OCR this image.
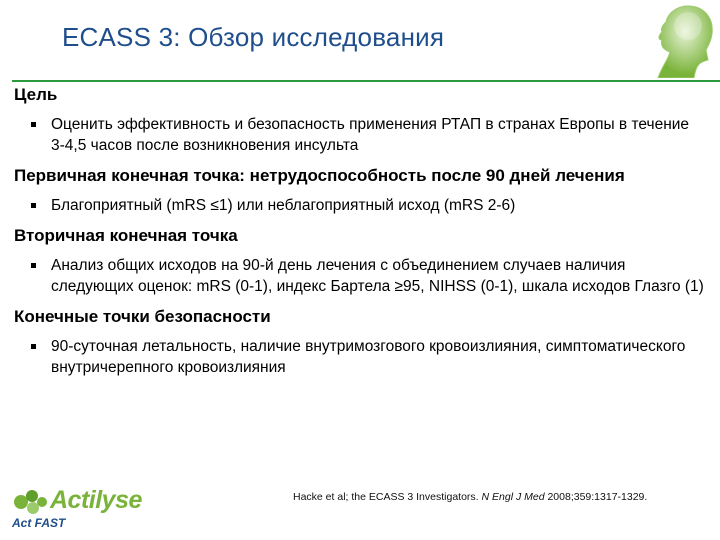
ECASS 3: Обзор исследования
Цель
Оценить эффективность и безопасность применения РТАП в странах Европы в течение 3-4,5 часов после возникновения инсульта
Первичная конечная точка: нетрудоспособность после 90 дней лечения
Благоприятный (mRS ≤1) или неблагоприятный исход (mRS 2-6)
Вторичная конечная точка
Анализ общих исходов на 90-й день лечения с объединением случаев наличия следующих оценок: mRS (0-1), индекс Бартела ≥95, NIHSS (0-1), шкала исходов Глазго (1)
Конечные точки безопасности
90-суточная летальность, наличие внутримозгового кровоизлияния, симптоматического внутричерепного кровоизлияния
Actilyse
Act FAST
Hacke et al; the ECASS 3 Investigators. N Engl J Med 2008;359:1317-1329.
